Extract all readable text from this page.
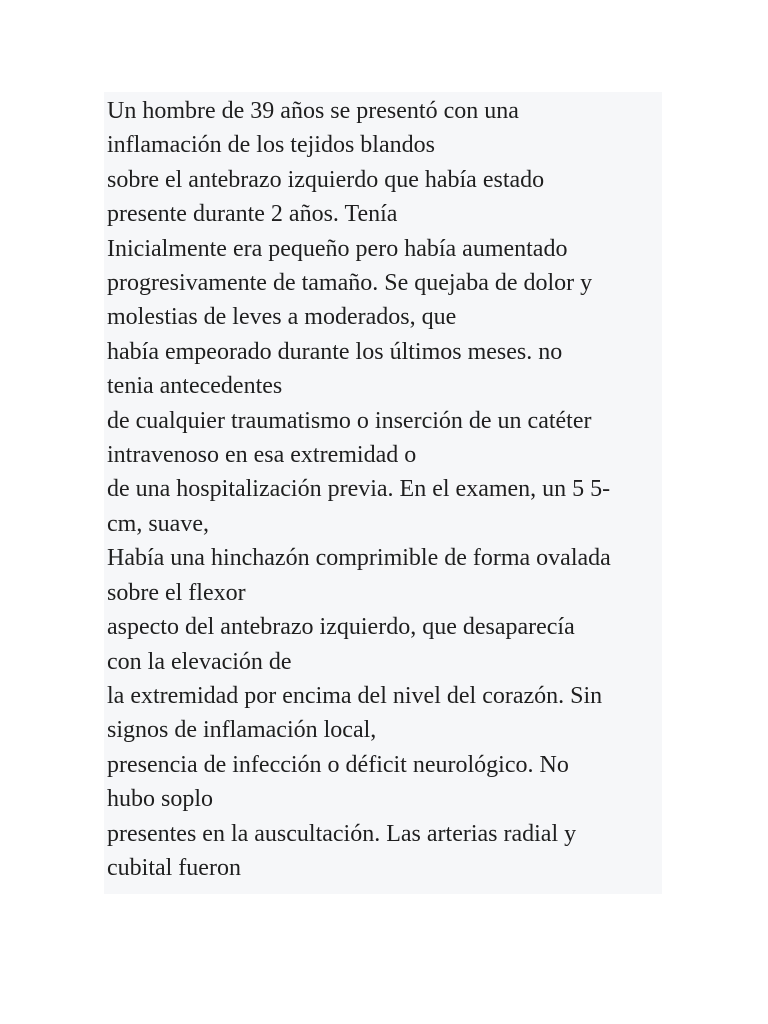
Un hombre de 39 años se presentó con una
inflamación de los tejidos blandos
sobre el antebrazo izquierdo que había estado
presente durante 2 años. Tenía
Inicialmente era pequeño pero había aumentado
progresivamente de tamaño. Se quejaba de dolor y
molestias de leves a moderados, que
había empeorado durante los últimos meses. no
tenia antecedentes
de cualquier traumatismo o inserción de un catéter
intravenoso en esa extremidad o
de una hospitalización previa. En el examen, un 5 5-
cm, suave,
Había una hinchazón comprimible de forma ovalada
sobre el flexor
aspecto del antebrazo izquierdo, que desaparecía
con la elevación de
la extremidad por encima del nivel del corazón. Sin
signos de inflamación local,
presencia de infección o déficit neurológico. No
hubo soplo
presentes en la auscultación. Las arterias radial y
cubital fueron
